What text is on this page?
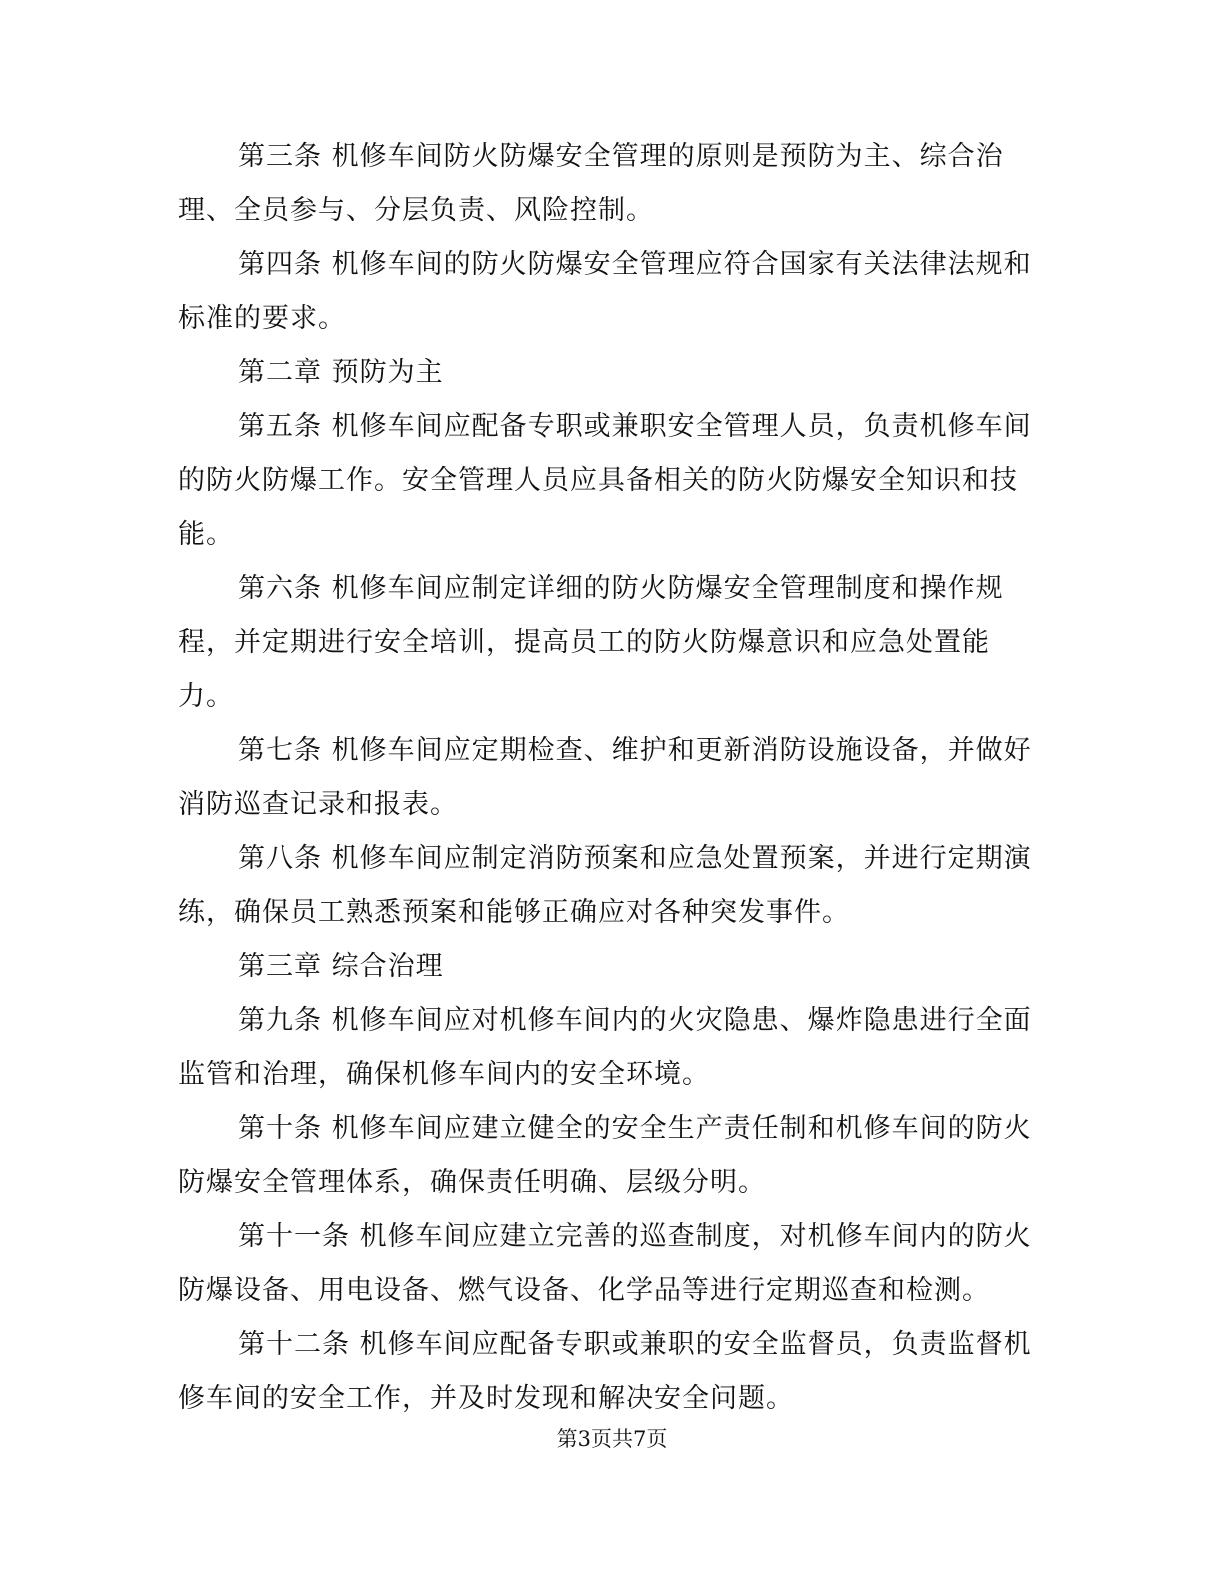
第三条 机修车间防火防爆安全管理的原则是预防为主、综合治理、全员参与、分层负责、风险控制。

第四条 机修车间的防火防爆安全管理应符合国家有关法律法规和标准的要求。

第二章 预防为主

第五条 机修车间应配备专职或兼职安全管理人员，负责机修车间的防火防爆工作。安全管理人员应具备相关的防火防爆安全知识和技能。

第六条 机修车间应制定详细的防火防爆安全管理制度和操作规程，并定期进行安全培训，提高员工的防火防爆意识和应急处置能力。

第七条 机修车间应定期检查、维护和更新消防设施设备，并做好消防巡查记录和报表。

第八条 机修车间应制定消防预案和应急处置预案，并进行定期演练，确保员工熟悉预案和能够正确应对各种突发事件。

第三章 综合治理

第九条 机修车间应对机修车间内的火灾隐患、爆炸隐患进行全面监管和治理，确保机修车间内的安全环境。

第十条 机修车间应建立健全的安全生产责任制和机修车间的防火防爆安全管理体系，确保责任明确、层级分明。

第十一条 机修车间应建立完善的巡查制度，对机修车间内的防火防爆设备、用电设备、燃气设备、化学品等进行定期巡查和检测。

第十二条 机修车间应配备专职或兼职的安全监督员，负责监督机修车间的安全工作，并及时发现和解决安全问题。

第3页共7页
